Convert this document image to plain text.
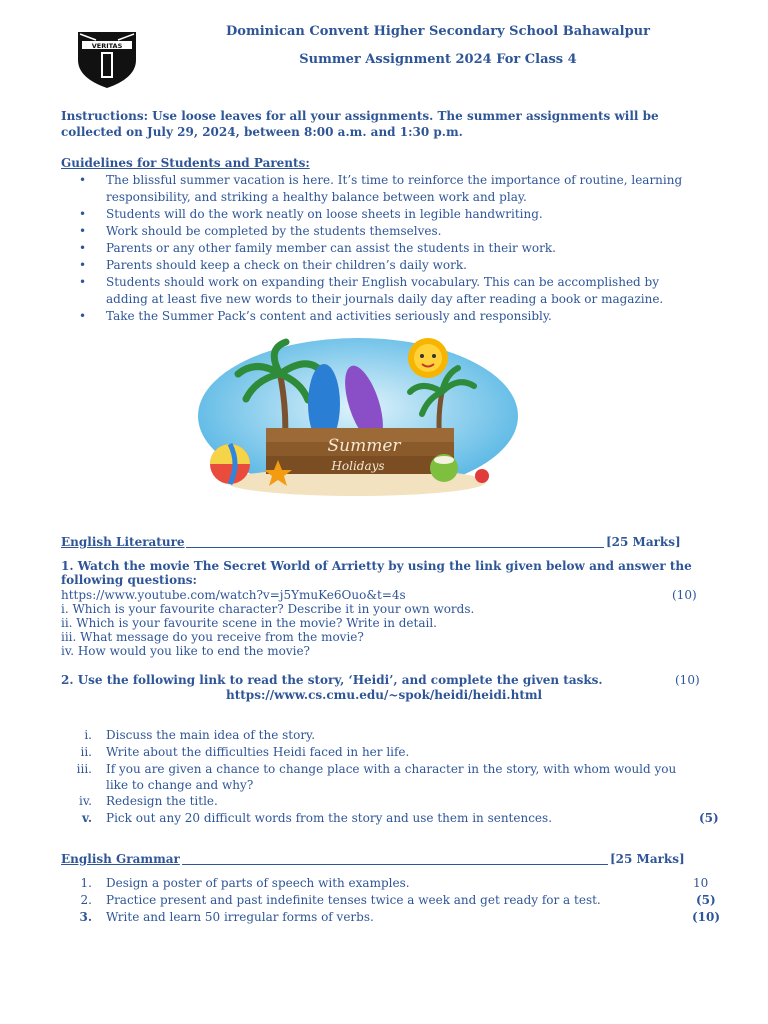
VERITAS
Dominican Convent Higher Secondary School Bahawalpur
Summer Assignment 2024 For Class 4
Instructions: Use loose leaves for all your assignments. The summer assignments will be
collected on July 29, 2024, between 8:00 a.m. and 1:30 p.m.
Guidelines for Students and Parents:
• The blissful summer vacation is here. It’s time to reinforce the importance of routine, learning
responsibility, and striking a healthy balance between work and play.
• Students will do the work neatly on loose sheets in legible handwriting.
• Work should be completed by the students themselves.
• Parents or any other family member can assist the students in their work.
• Parents should keep a check on their children’s daily work.
• Students should work on expanding their English vocabulary. This can be accomplished by
adding at least five new words to their journals daily day after reading a book or magazine.
• Take the Summer Pack’s content and activities seriously and responsibly.
Summer
Holidays
English Literature	[25 Marks]
1. Watch the movie The Secret World of Arrietty by using the link given below and answer the
following questions:
https://www.youtube.com/watch?v=j5YmuKe6Ouo&t=4s	(10)
i. Which is your favourite character? Describe it in your own words.
ii. Which is your favourite scene in the movie? Write in detail.
iii. What message do you receive from the movie?
iv. How would you like to end the movie?
2. Use the following link to read the story, ‘Heidi’, and complete the given tasks.	(10)
https://www.cs.cmu.edu/~spok/heidi/heidi.html
i. Discuss the main idea of the story.
ii. Write about the difficulties Heidi faced in her life.
iii. If you are given a chance to change place with a character in the story, with whom would you
like to change and why?
iv. Redesign the title.
v. Pick out any 20 difficult words from the story and use them in sentences.	(5)
English Grammar	[25 Marks]
1. Design a poster of parts of speech with examples.	10
2. Practice present and past indefinite tenses twice a week and get ready for a test.	(5)
3. Write and learn 50 irregular forms of verbs.	(10)
